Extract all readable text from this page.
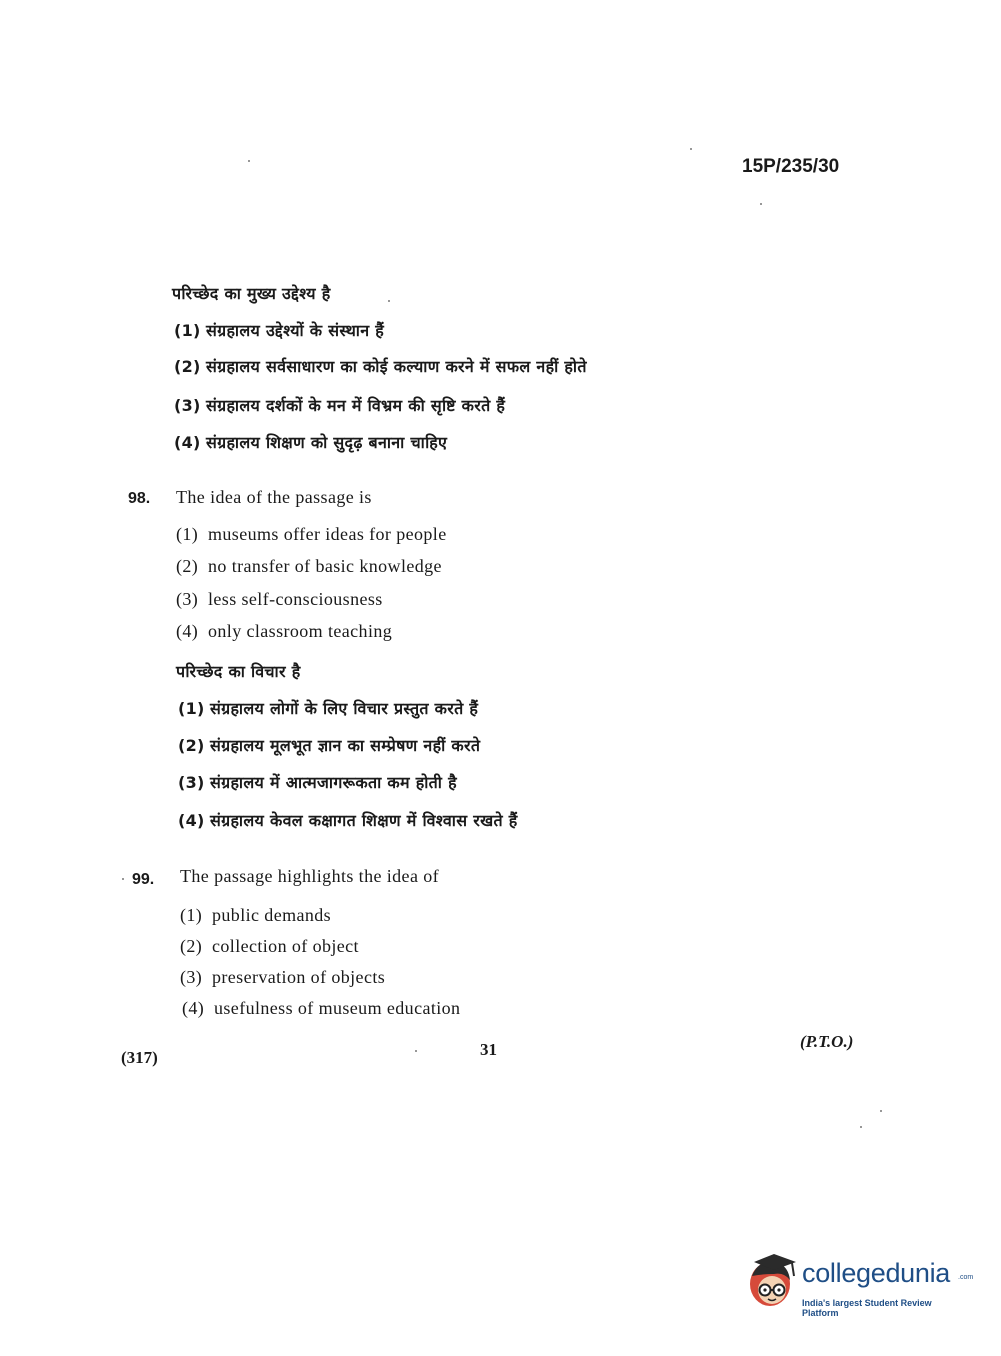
15P/235/30
परिच्छेद का मुख्य उद्देश्य है
(1) संग्रहालय उद्देश्यों के संस्थान हैं
(2) संग्रहालय सर्वसाधारण का कोई कल्याण करने में सफल नहीं होते
(3) संग्रहालय दर्शकों के मन में विभ्रम की सृष्टि करते हैं
(4) संग्रहालय शिक्षण को सुदृढ़ बनाना चाहिए
98. The idea of the passage is
(1) museums offer ideas for people
(2) no transfer of basic knowledge
(3) less self-consciousness
(4) only classroom teaching
परिच्छेद का विचार है
(1) संग्रहालय लोगों के लिए विचार प्रस्तुत करते हैं
(2) संग्रहालय मूलभूत ज्ञान का सम्प्रेषण नहीं करते
(3) संग्रहालय में आत्मजागरूकता कम होती है
(4) संग्रहालय केवल कक्षागत शिक्षण में विश्वास रखते हैं
99. The passage highlights the idea of
(1) public demands
(2) collection of object
(3) preservation of objects
(4) usefulness of museum education
(317)	31	(P.T.O.)
collegedunia .com
India's largest Student Review Platform
